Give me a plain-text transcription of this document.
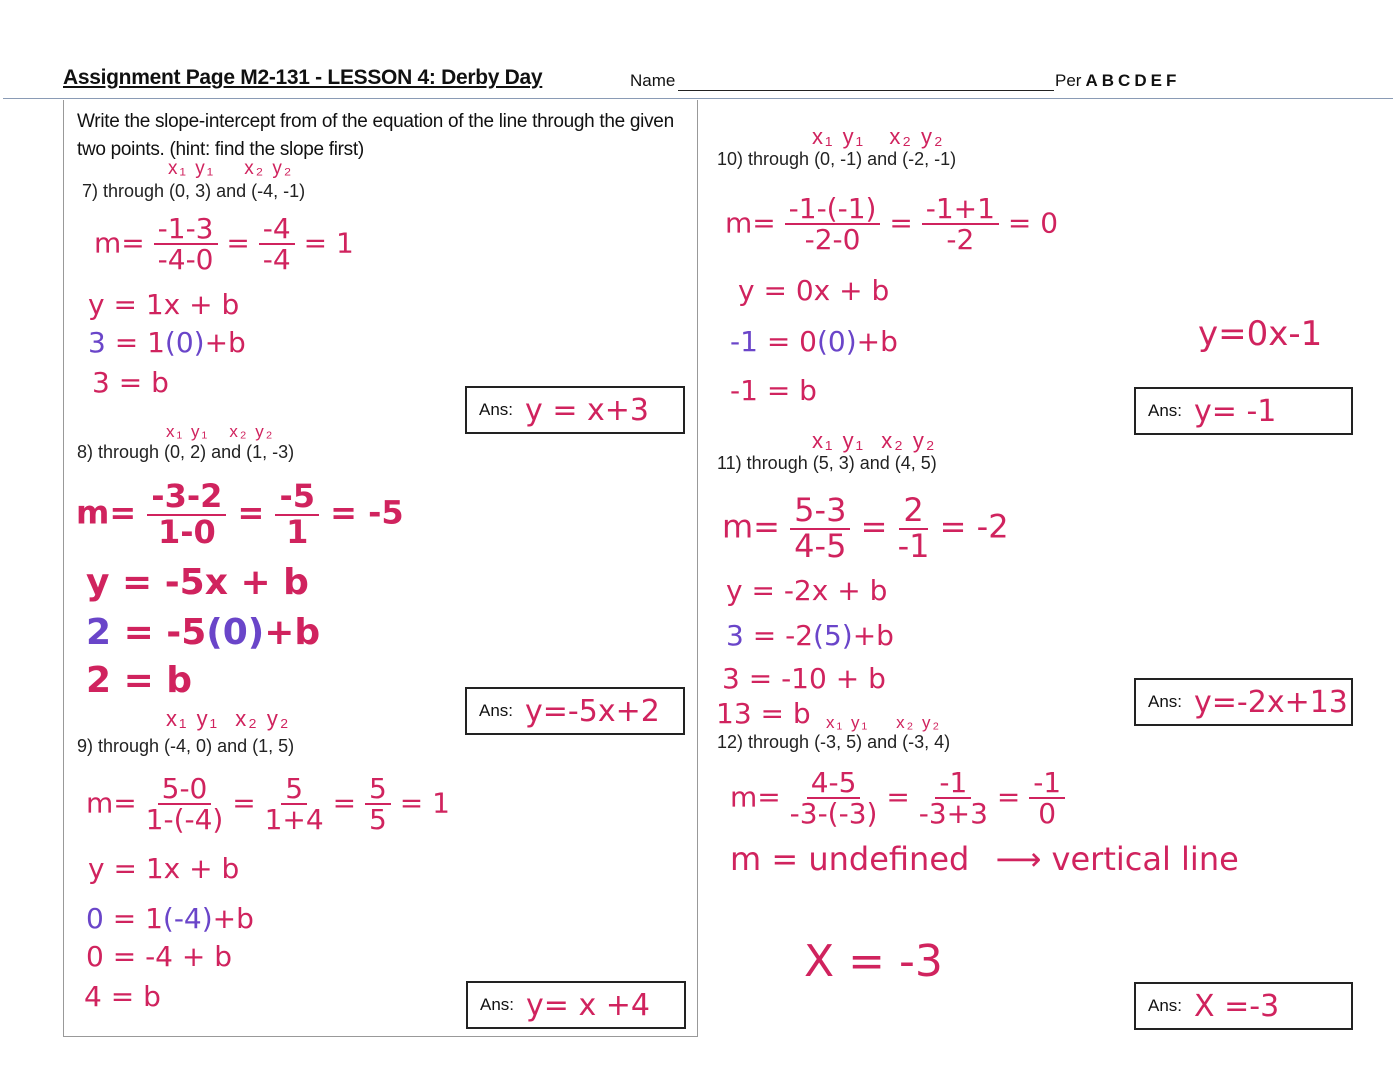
Assignment Page M2-131 - LESSON 4: Derby Day	Name	Per A B C D E F
Write the slope-intercept from of the equation of the line through the given two points. (hint: find the slope first)
x₁ y₁ x₂ y₂
7) through (0, 3) and (-4, -1)
$m= \frac{-1-3}{-4-0} = \frac{-4}{-4} = 1$
y = 1x + b
3 = 1(0)+b
3 = b
Ans: y = x+3
x₁ y₁ x₂ y₂
8) through (0, 2) and (1, -3)
$m= \frac{-3-2}{1-0} = \frac{-5}{1} = -5$
y = -5x + b
2 = -5(0)+b
2 = b
Ans: y=-5x+2
x₁ y₁ x₂ y₂
9) through (-4, 0) and (1, 5)
$m= \frac{5-0}{1-(-4)} = \frac{5}{1+4} = \frac{5}{5} = 1$
y = 1x + b
0 = 1(-4)+b
0 = -4 + b
4 = b	Ans: y= x +4
x₁ y₁ x₂ y₂
10) through (0, -1) and (-2, -1)
$m= \frac{-1-(-1)}{-2-0} = \frac{-1+1}{-2} = 0$
y = 0x + b
-1 = 0(0)+b
-1 = b
y=0x-1
Ans: y= -1
x₁ y₁ x₂ y₂
11) through (5, 3) and (4, 5)
$m= \frac{5-3}{4-5} = \frac{2}{-1} = -2$
y = -2x + b
3 = -2(5)+b
3 = -10 + b
13 = b	Ans: y=-2x+13
x₁ y₁ x₂ y₂
12) through (-3, 5) and (-3, 4)
$m= \frac{4-5}{-3-(-3)} = \frac{-1}{-3+3} = \frac{-1}{0}$
m = undefined ⟶ vertical line
X = -3
Ans: X =-3
